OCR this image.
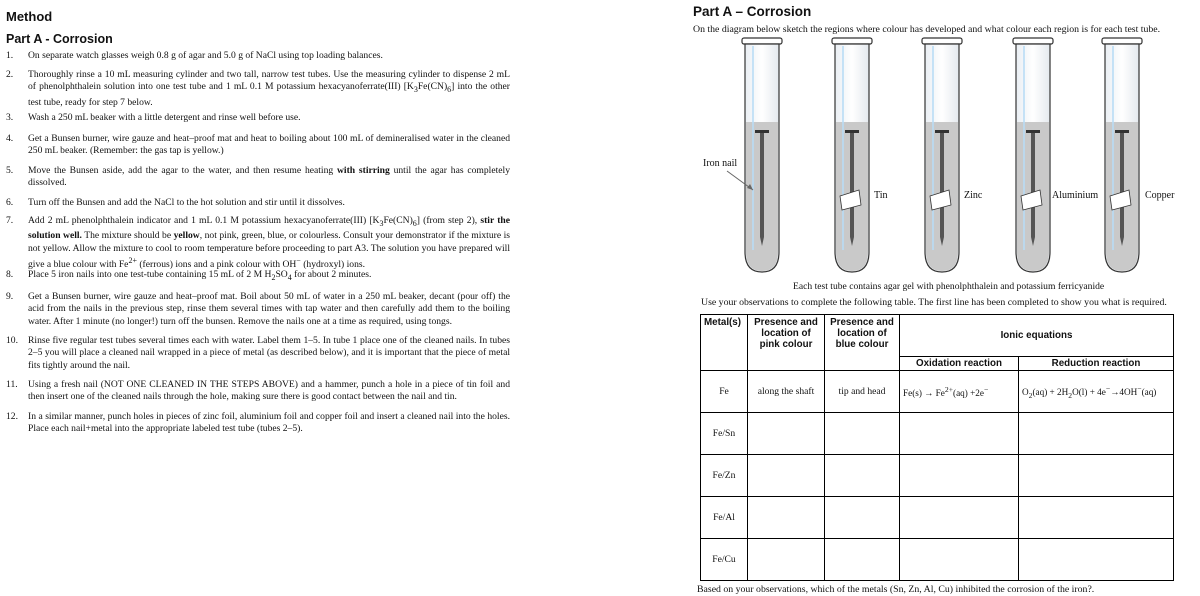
Method
Part A - Corrosion
1. On separate watch glasses weigh 0.8 g of agar and 5.0 g of NaCl using top loading balances.
2. Thoroughly rinse a 10 mL measuring cylinder and two tall, narrow test tubes. Use the measuring cylinder to dispense 2 mL of phenolphthalein solution into one test tube and 1 mL 0.1 M potassium hexacyanoferrate(III) $[K_3Fe(CN)_6]$ into the other test tube, ready for step 7 below.
3. Wash a 250 mL beaker with a little detergent and rinse well before use.
4. Get a Bunsen burner, wire gauze and heat–proof mat and heat to boiling about 100 mL of demineralised water in the cleaned 250 mL beaker. (Remember: the gas tap is yellow.)
5. Move the Bunsen aside, add the agar to the water, and then resume heating with stirring until the agar has completely dissolved.
6. Turn off the Bunsen and add the NaCl to the hot solution and stir until it dissolves.
7. Add 2 mL phenolphthalein indicator and 1 mL 0.1 M potassium hexacyanoferrate(III) $[K_3Fe(CN)_6]$ (from step 2), stir the solution well. The mixture should be yellow, not pink, green, blue, or colourless. Consult your demonstrator if the mixture is not yellow. Allow the mixture to cool to room temperature before proceeding to part A3. The solution you have prepared will give a blue colour with $Fe^{2+}$ (ferrous) ions and a pink colour with OH− (hydroxyl) ions.
8. Place 5 iron nails into one test-tube containing 15 mL of 2 M $H_2SO_4$ for about 2 minutes.
9. Get a Bunsen burner, wire gauze and heat–proof mat. Boil about 50 mL of water in a 250 mL beaker, decant (pour off) the acid from the nails in the previous step, rinse them several times with tap water and then carefully add them to the boiling water. After 1 minute (no longer!) turn off the bunsen. Remove the nails one at a time as required, using tongs.
10. Rinse five regular test tubes several times each with water. Label them 1–5. In tube 1 place one of the cleaned nails. In tubes 2–5 you will place a cleaned nail wrapped in a piece of metal (as described below), and it is important that the piece of metal fits tightly around the nail.
11. Using a fresh nail (NOT ONE CLEANED IN THE STEPS ABOVE) and a hammer, punch a hole in a piece of tin foil and then insert one of the cleaned nails through the hole, making sure there is good contact between the nail and tin.
12. In a similar manner, punch holes in pieces of zinc foil, aluminium foil and copper foil and insert a cleaned nail into the holes. Place each nail+metal into the appropriate labeled test tube (tubes 2–5).
Part A – Corrosion
On the diagram below sketch the regions where colour has developed and what colour each region is for each test tube.
Iron nail
Tin	Zinc	Aluminium	Copper
Each test tube contains agar gel with phenolphthalein and potassium ferricyanide
Use your observations to complete the following table. The first line has been completed to show you what is required.
Metal(s)	Presence and location of pink colour	Presence and location of blue colour	Ionic equations	
			Oxidation reaction	Reduction reaction
Fe	along the shaft	tip and head	$Fe(s) \to Fe^{2+}(aq) +2e^-$	$O_2(aq) + 2H_2O(l) + 4e^-\to 4OH^-(aq)$
Fe/Sn				
Fe/Zn				
Fe/Al				
Fe/Cu				
Based on your observations, which of the metals (Sn, Zn, Al, Cu) inhibited the corrosion of the iron?.
